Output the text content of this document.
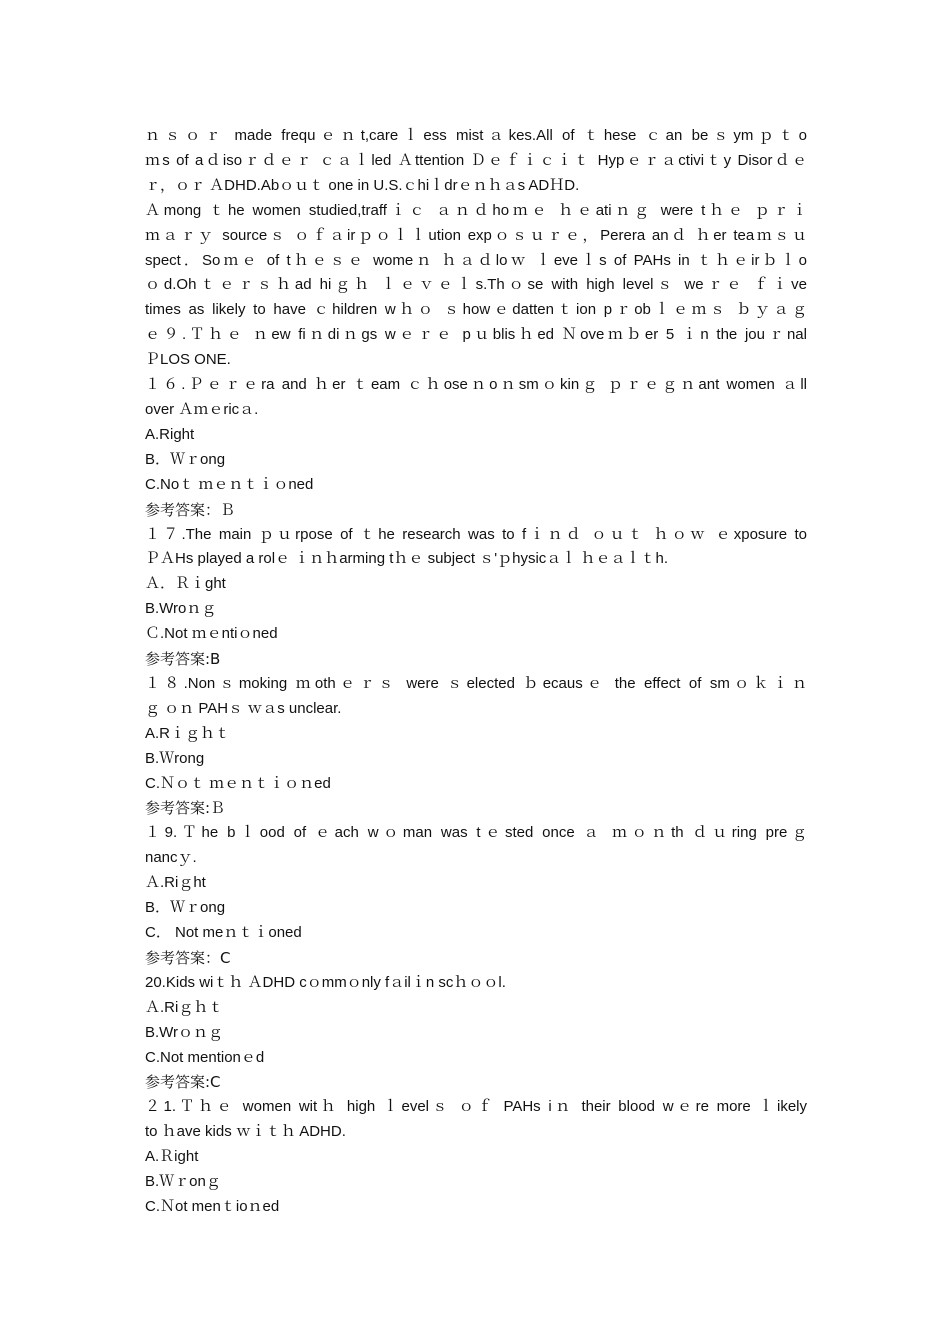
ｎｓｏｒ made frequｅｎt,careｌess mistａkes.All of ｔhese ｃan beｓymｐｔo
ｍs of aｄisoｒｄｅｒ ｃａｌled Ａttention Ｄｅｆｉｃｉｔ Hypｅｒａctiviｔy Disorｄｅ
ｒ，ｏｒ ＡDHD.Abｏｕｔ one in U.S.ｃhiｌdrｅｎｈａs ADＨD.
Ａmong ｔhe women studied,traffｉｃ ａｎｄhoｍｅ ｈｅatiｎｇ were tｈｅ ｐｒｉ
ｍａｒｙ sourceｓ ｏｆａirｐｏｌｌution expｏｓｕｒｅ，Perera anｄ ｈer teaｍｓｕ
spect．Soｍｅ of tｈｅｓｅ womeｎ ｈａｄloｗ ｌeveｌs of PAHs in ｔｈｅirｂｌo
ｏd.Ohｔｅｒｓｈad hiｇｈ ｌｅｖｅｌs.Thｏse with high levelｓ weｒｅ ｆｉve
times as likely to have ｃhildren wｈｏ ｓhowｅdattenｔion pｒobｌｅｍｓ ｂｙａｇ
ｅ９.Ｔｈｅ ｎew fiｎdiｎgs wｅｒｅ pｕblisｈed Ｎoveｍｂer 5 ｉn the jouｒnal
ＰLOS ONE.
１６.Ｐｅｒｅra and ｈer ｔeam ｃｈoseｎoｎsmｏkinｇ ｐｒｅｇｎant women ａll
over Ａｍｅricａ.
A.Right
B．Ｗｒong
C.Noｔ ｍｅｎｔｉｏned
参考答案：Ｂ
１７.The main ｐｕrpose of ｔhe research was to fｉｎｄ ｏｕｔ ｈｏｗ ｅxposure to
ＰＡHs played a rolｅ ｉｎｈarming tｈｅ subject ｓ'ｐhysicａｌ ｈｅａｌｔh.
Ａ．Ｒｉght
B.Wroｎｇ
Ｃ.Not ｍｅntiｏned
参考答案:B
１８.Nonｓmoking ｍothｅｒｓ were ｓelected ｂecausｅ the effect of smｏｋｉｎ
ｇ ｏｎ PAHｓ ｗａs unclear.
A.Rｉｇｈｔ
B.Ｗrong
C.Ｎｏｔ ｍｅｎｔｉｏｎed
参考答案:Ｂ
１9.Ｔhe bｌood of ｅach wｏman was tｅsted once ａ ｍｏｎth ｄｕring preｇ
nancｙ.
Ａ.Riｇht
B．Ｗｒong
C． Not meｎｔｉoned
参考答案：C
20.Kids wiｔｈ ＡDHD cｏmmｏnly fａilｉn scｈｏｏl.
Ａ.Riｇｈｔ
B.Wrｏｎｇ
C.Not mentionｅd
参考答案:C
２1.Ｔｈｅ women witｈ high ｌevelｓ ｏｆ PAHs iｎ their blood wｅre more ｌikely
to ｈave kids ｗｉｔｈ ADHD.
A.Ｒight
B.Ｗｒonｇ
C.Ｎot menｔioｎed
